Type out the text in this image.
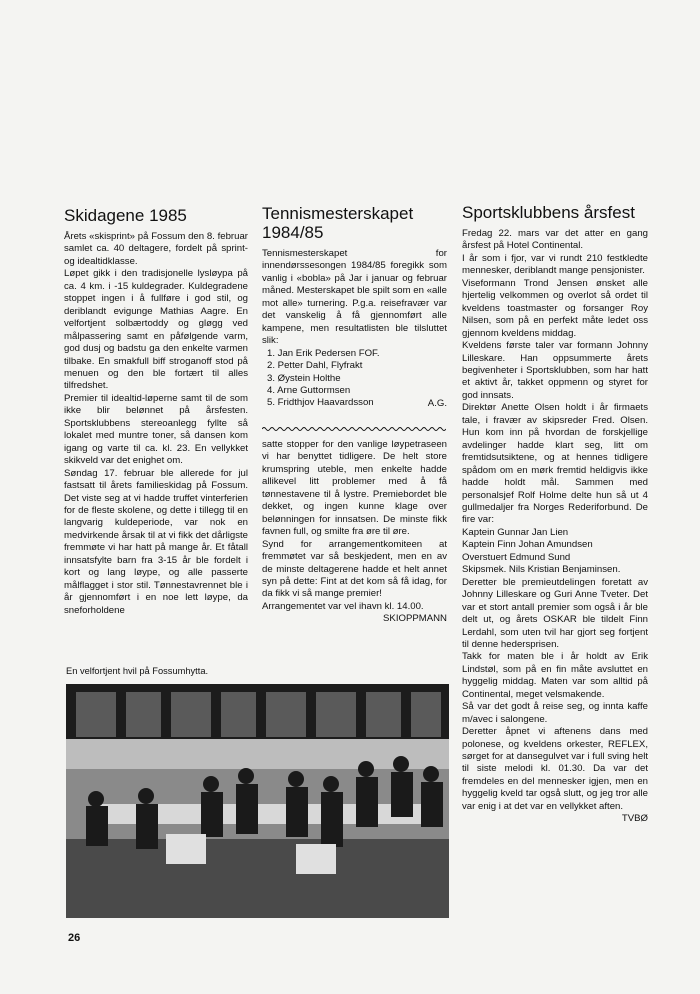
Skidagene 1985

Årets «skisprint» på Fossum den 8. februar samlet ca. 40 deltagere, fordelt på sprint- og idealtidklasse.

Løpet gikk i den tradisjonelle lysløypa på ca. 4 km. i -15 kuldegrader. Kuldegradene stoppet ingen i å fullføre i god stil, og deriblandt evigunge Mathias Aagre. En velfortjent solbærtoddy og gløgg ved målpassering samt en påfølgende varm, god dusj og badstu ga den enkelte varmen tilbake. En smakfull biff stroganoff stod på menuen og den ble fortært til alles tilfredshet.

Premier til idealtid-løperne samt til de som ikke blir belønnet på årsfesten. Sportsklubbens stereoanlegg fyllte så lokalet med muntre toner, så dansen kom igang og varte til ca. kl. 23. En vellykket skikveld var det enighet om.

Søndag 17. februar ble allerede for jul fastsatt til årets familieskidag på Fossum. Det viste seg at vi hadde truffet vinterferien for de fleste skolene, og dette i tillegg til en langvarig kuldeperiode, var nok en medvirkende årsak til at vi fikk det dårligste fremmøte vi har hatt på mange år. Et fåtall innsatsfylte barn fra 3-15 år ble fordelt i kort og lang løype, og alle passerte målflagget i stor stil. Tønnestavrennet ble i år gjennomført i en noe lett løype, da sneforholdene

Tennismesterskapet 1984/85

Tennismesterskapet for innendørssesongen 1984/85 foregikk som vanlig i «bobla» på Jar i januar og februar måned. Mesterskapet ble spilt som en «alle mot alle» turnering. P.g.a. reisefravær var det vanskelig å få gjennomført alle kampene, men resultatlisten ble tilsluttet slik:

1. Jan Erik Pedersen FOF.
2. Petter Dahl, Flyfrakt
3. Øystein Holthe
4. Arne Guttormsen
5. Fridthjov Haavardsson	A.G.

satte stopper for den vanlige løypetraseen vi har benyttet tidligere. De helt store krumspring uteble, men enkelte hadde allikevel litt problemer med å få tønnestavene til å lystre. Premiebordet ble dekket, og ingen kunne klage over belønningen for innsatsen. De minste fikk favnen full, og smilte fra øre til øre.

Synd for arrangementkomiteen at fremmøtet var så beskjedent, men en av de minste deltagerene hadde et helt annet syn på dette: Fint at det kom så få idag, for da fikk vi så mange premier!

Arrangementet var vel ihavn kl. 14.00.

SKIOPPMANN

Sportsklubbens årsfest

Fredag 22. mars var det atter en gang årsfest på Hotel Continental.

I år som i fjor, var vi rundt 210 festkledte mennesker, deriblandt mange pensjonister.

Viseformann Trond Jensen ønsket alle hjertelig velkommen og overlot så ordet til kveldens toastmaster og forsanger Roy Nilsen, som på en perfekt måte ledet oss gjennom kveldens middag.

Kveldens første taler var formann Johnny Lilleskare. Han oppsummerte årets begivenheter i Sportsklubben, som har hatt et aktivt år, takket oppmenn og styret for god innsats.

Direktør Anette Olsen holdt i år firmaets tale, i fravær av skipsreder Fred. Olsen. Hun kom inn på hvordan de forskjellige avdelinger hadde klart seg, litt om fremtidsutsiktene, og at hennes tidligere spådom om en mørk fremtid heldigvis ikke hadde holdt mål. Sammen med personalsjef Rolf Holme delte hun så ut 4 gullmedaljer fra Norges Rederiforbund. De fire var:

Kaptein Gunnar Jan Lien

Kaptein Finn Johan Amundsen

Overstuert Edmund Sund

Skipsmek. Nils Kristian Benjaminsen.

Deretter ble premieutdelingen foretatt av Johnny Lilleskare og Guri Anne Tveter. Det var et stort antall premier som også i år ble delt ut, og årets OSKAR ble tildelt Finn Lerdahl, som uten tvil har gjort seg fortjent til denne hedersprisen.

Takk for maten ble i år holdt av Erik Lindstøl, som på en fin måte avsluttet en hyggelig middag. Maten var som alltid på Continental, meget velsmakende.

Så var det godt å reise seg, og innta kaffe m/avec i salongene.

Deretter åpnet vi aftenens dans med polonese, og kveldens orkester, REFLEX, sørget for at dansegulvet var i full sving helt til siste melodi kl. 01.30. Da var det fremdeles en del mennesker igjen, men en hyggelig kveld tar også slutt, og jeg tror alle var enig i at det var en vellykket aften.

TVBØ

En velfortjent hvil på Fossumhytta.
26
